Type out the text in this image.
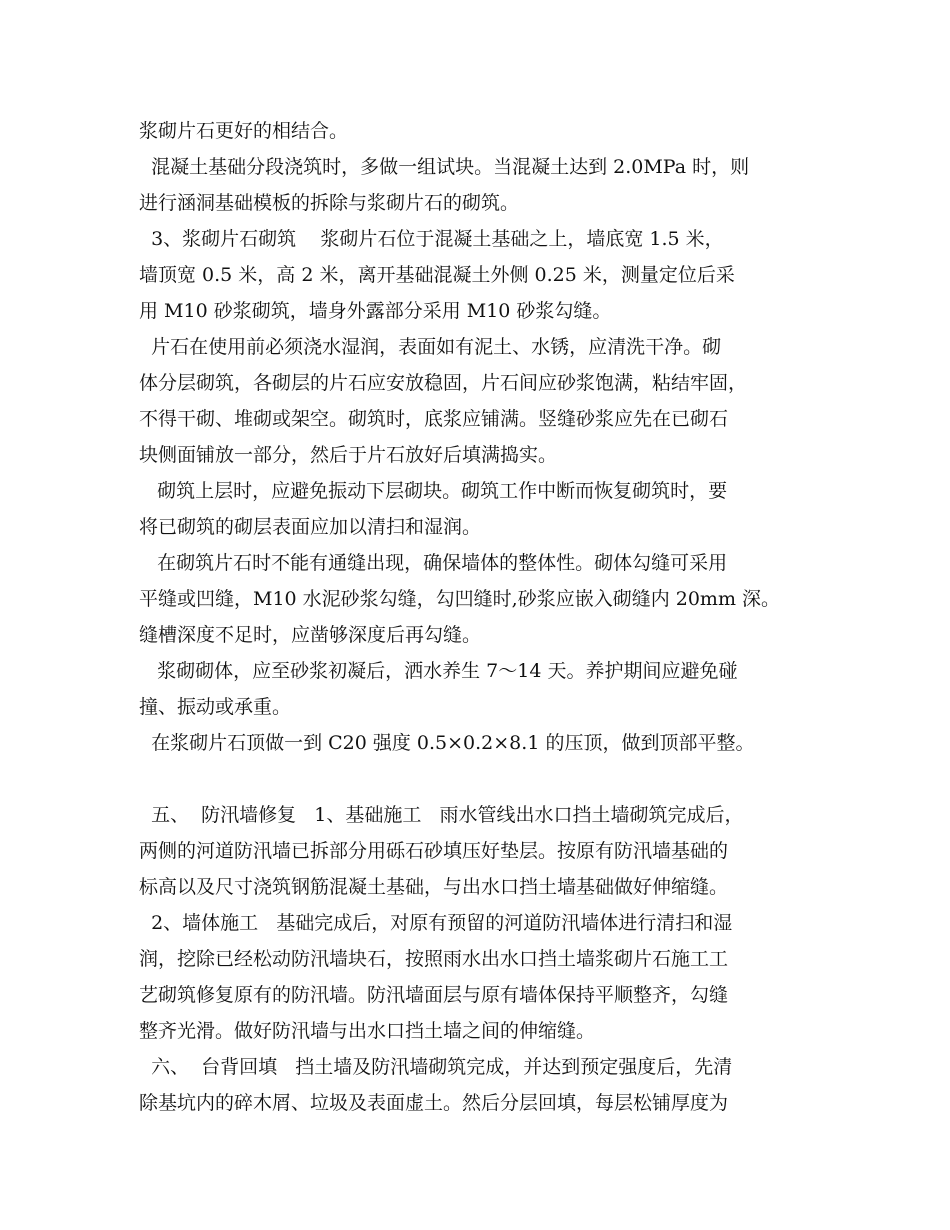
浆砌片石更好的相结合。
混凝土基础分段浇筑时，多做一组试块。当混凝土达到 2.0MPa 时，则
进行涵洞基础模板的拆除与浆砌片石的砌筑。
3、浆砌片石砌筑    浆砌片石位于混凝土基础之上，墙底宽 1.5 米，
墙顶宽 0.5 米，高 2 米，离开基础混凝土外侧 0.25 米，测量定位后采
用 M10 砂浆砌筑，墙身外露部分采用 M10 砂浆勾缝。
片石在使用前必须浇水湿润，表面如有泥土、水锈，应清洗干净。砌
体分层砌筑，各砌层的片石应安放稳固，片石间应砂浆饱满，粘结牢固，
不得干砌、堆砌或架空。砌筑时，底浆应铺满。竖缝砂浆应先在已砌石
块侧面铺放一部分，然后于片石放好后填满捣实。
砌筑上层时，应避免振动下层砌块。砌筑工作中断而恢复砌筑时，要
将已砌筑的砌层表面应加以清扫和湿润。
在砌筑片石时不能有通缝出现，确保墙体的整体性。砌体勾缝可采用
平缝或凹缝，M10 水泥砂浆勾缝，勾凹缝时,砂浆应嵌入砌缝内 20mm 深。
缝槽深度不足时，应凿够深度后再勾缝。
浆砌砌体，应至砂浆初凝后，洒水养生 7～14 天。养护期间应避免碰
撞、振动或承重。
在浆砌片石顶做一到 C20 强度 0.5×0.2×8.1 的压顶，做到顶部平整。
五、  防汛墙修复   1、基础施工   雨水管线出水口挡土墙砌筑完成后，
两侧的河道防汛墙已拆部分用砾石砂填压好垫层。按原有防汛墙基础的
标高以及尺寸浇筑钢筋混凝土基础，与出水口挡土墙基础做好伸缩缝。
2、墙体施工   基础完成后，对原有预留的河道防汛墙体进行清扫和湿
润，挖除已经松动防汛墙块石，按照雨水出水口挡土墙浆砌片石施工工
艺砌筑修复原有的防汛墙。防汛墙面层与原有墙体保持平顺整齐，勾缝
整齐光滑。做好防汛墙与出水口挡土墙之间的伸缩缝。
六、  台背回填   挡土墙及防汛墙砌筑完成，并达到预定强度后，先清
除基坑内的碎木屑、垃圾及表面虚土。然后分层回填，每层松铺厚度为
